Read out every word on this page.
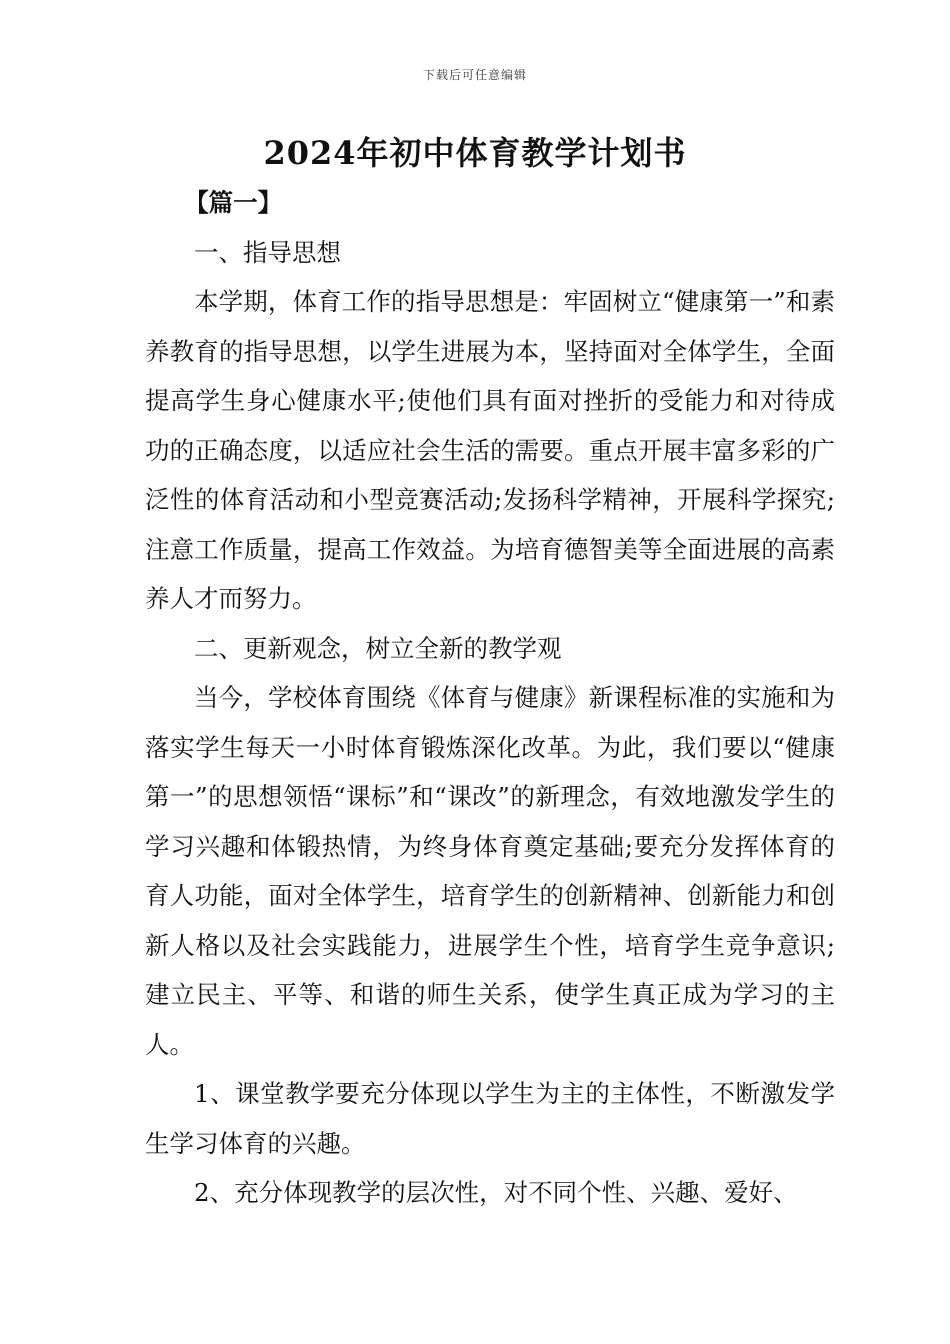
下载后可任意编辑
2024年初中体育教学计划书

【篇一】

一、指导思想

本学期，体育工作的指导思想是：牢固树立“健康第一”和素养教育的指导思想，以学生进展为本，坚持面对全体学生，全面提高学生身心健康水平;使他们具有面对挫折的受能力和对待成功的正确态度，以适应社会生活的需要。重点开展丰富多彩的广泛性的体育活动和小型竞赛活动;发扬科学精神，开展科学探究;注意工作质量，提高工作效益。为培育德智美等全面进展的高素养人才而努力。

二、更新观念，树立全新的教学观

当今，学校体育围绕《体育与健康》新课程标准的实施和为落实学生每天一小时体育锻炼深化改革。为此，我们要以“健康第一”的思想领悟“课标”和“课改”的新理念，有效地激发学生的学习兴趣和体锻热情，为终身体育奠定基础;要充分发挥体育的育人功能，面对全体学生，培育学生的创新精神、创新能力和创新人格以及社会实践能力，进展学生个性，培育学生竞争意识;建立民主、平等、和谐的师生关系，使学生真正成为学习的主人。

1、课堂教学要充分体现以学生为主的主体性，不断激发学生学习体育的兴趣。

2、充分体现教学的层次性，对不同个性、兴趣、爱好、
